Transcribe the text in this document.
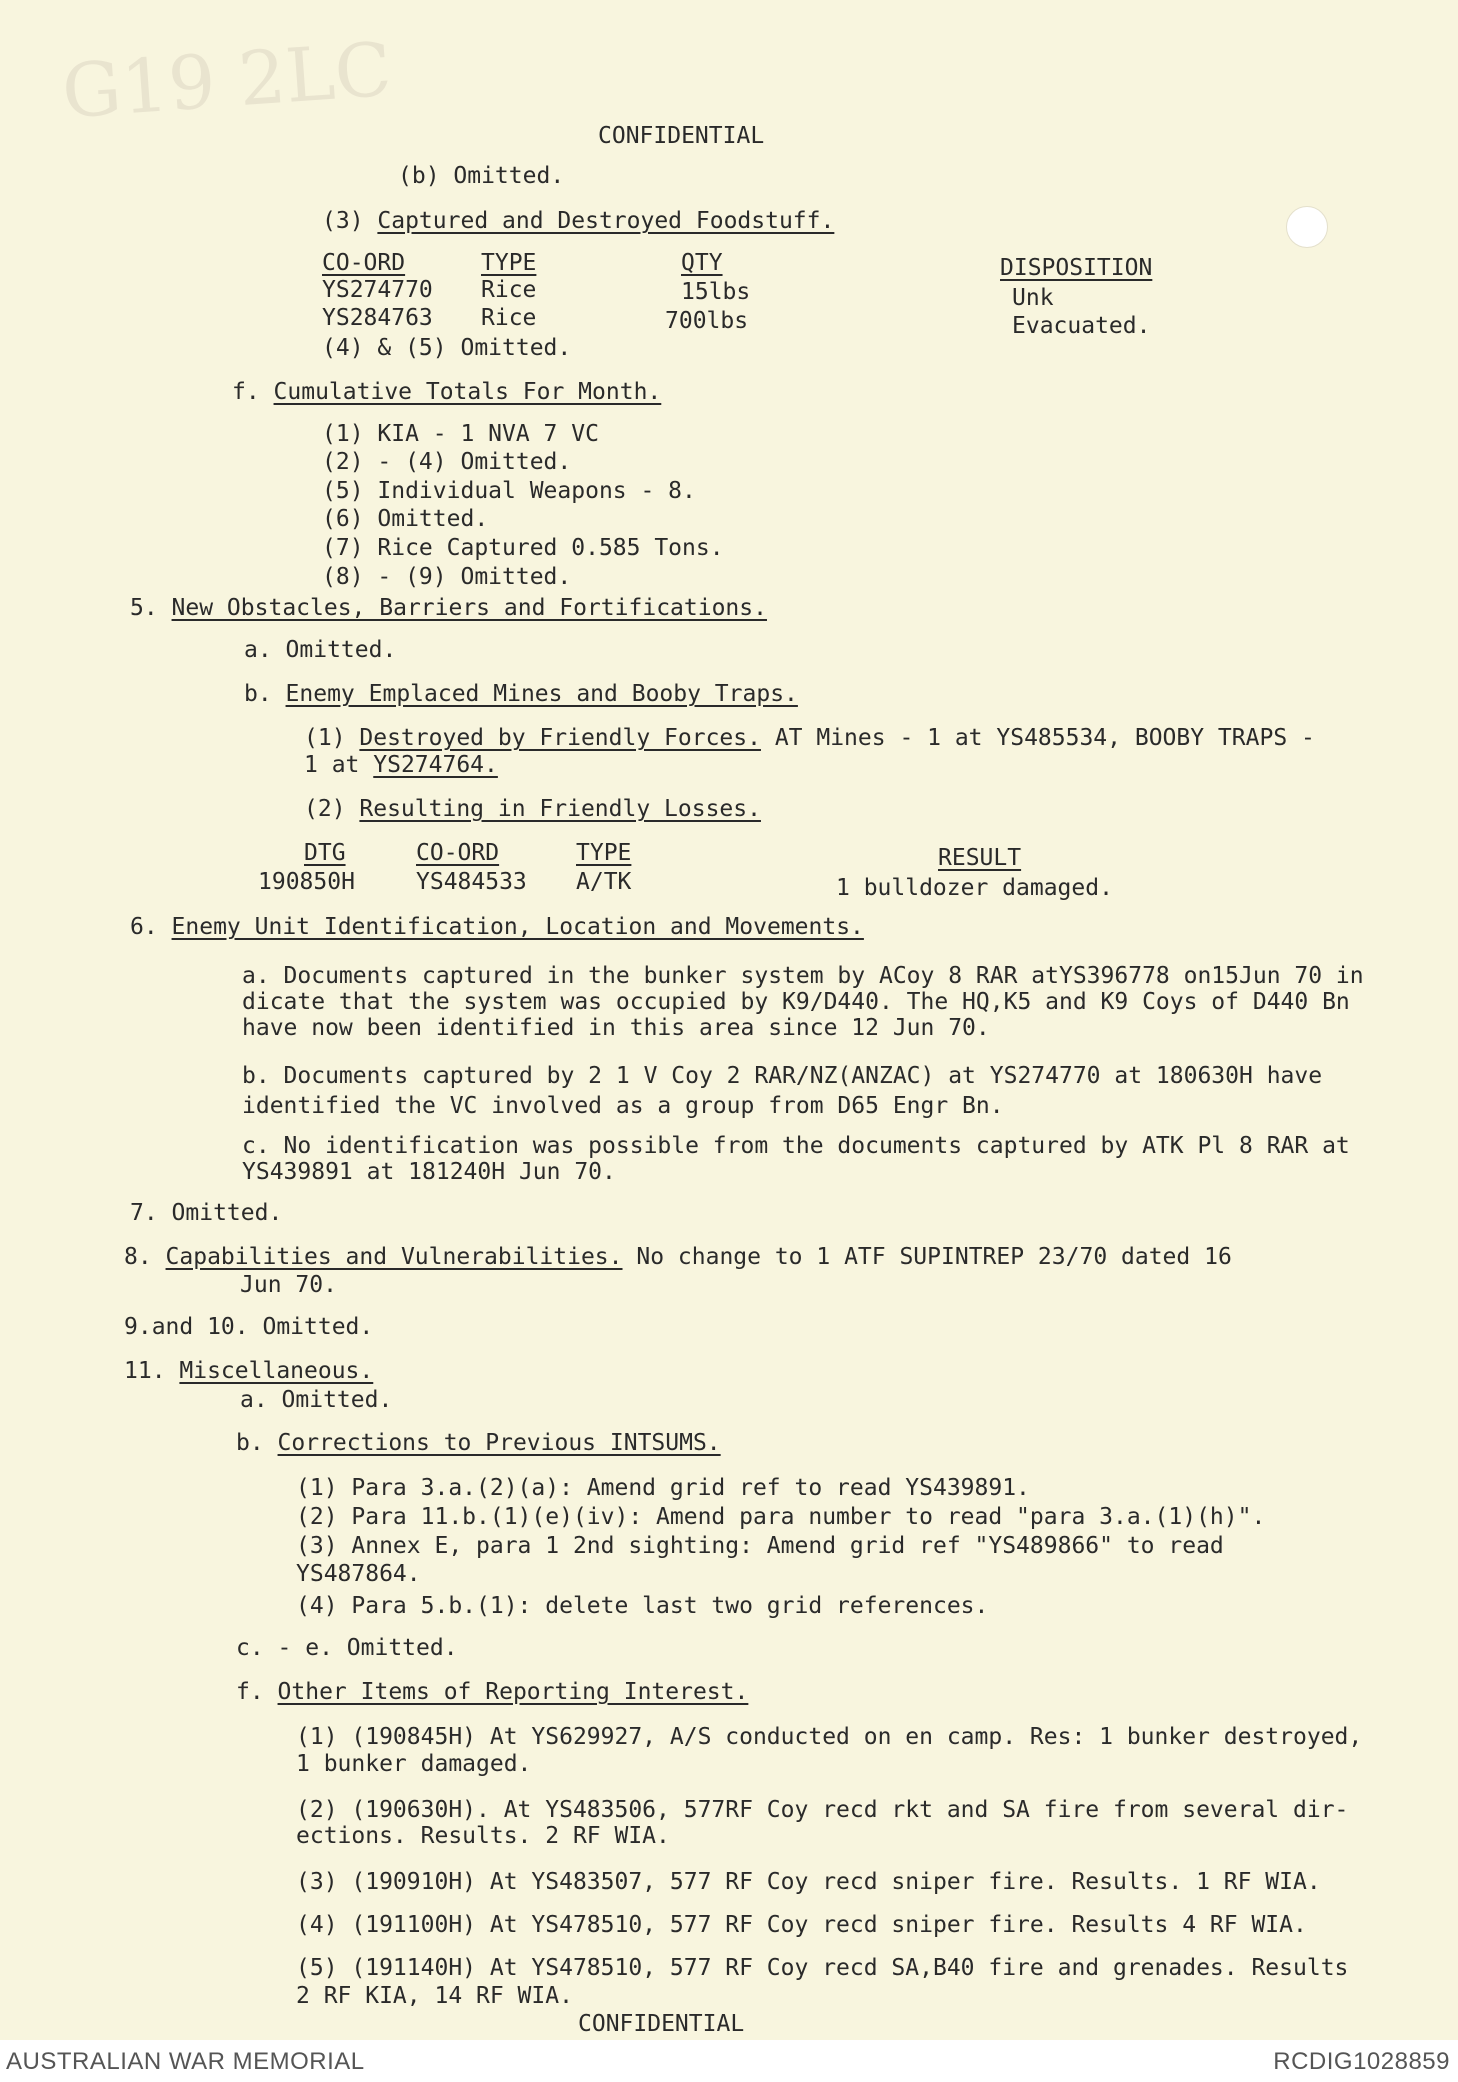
G19 2LC
CONFIDENTIAL
(b) Omitted.
(3) Captured and Destroyed Foodstuff.
CO-ORD	TYPE	QTY	DISPOSITION
YS274770 Rice	15lbs	Unk
YS284763 Rice	700lbs	Evacuated.
(4) & (5) Omitted.
f. Cumulative Totals For Month.
(1) KIA - 1 NVA 7 VC
(2) - (4) Omitted.
(5) Individual Weapons - 8.
(6) Omitted.
(7) Rice Captured 0.585 Tons.
(8) - (9) Omitted.
5. New Obstacles, Barriers and Fortifications.
a. Omitted.
b. Enemy Emplaced Mines and Booby Traps.
(1) Destroyed by Friendly Forces. AT Mines - 1 at YS485534, BOOBY TRAPS -
1 at YS274764.
(2) Resulting in Friendly Losses.
DTG	CO-ORD	TYPE	RESULT
190850H	YS484533 A/TK	1 bulldozer damaged.
6. Enemy Unit Identification, Location and Movements.
a. Documents captured in the bunker system by ACoy 8 RAR atYS396778 on15Jun 70 in
dicate that the system was occupied by K9/D440. The HQ,K5 and K9 Coys of D440 Bn
have now been identified in this area since 12 Jun 70.
b. Documents captured by 2 1 V Coy 2 RAR/NZ(ANZAC) at YS274770 at 180630H have
identified the VC involved as a group from D65 Engr Bn.
c. No identification was possible from the documents captured by ATK Pl 8 RAR at
YS439891 at 181240H Jun 70.
7. Omitted.
8. Capabilities and Vulnerabilities. No change to 1 ATF SUPINTREP 23/70 dated 16
Jun 70.
9.and 10. Omitted.
11. Miscellaneous.
a. Omitted.
b. Corrections to Previous INTSUMS.
(1) Para 3.a.(2)(a): Amend grid ref to read YS439891.
(2) Para 11.b.(1)(e)(iv): Amend para number to read "para 3.a.(1)(h)".
(3) Annex E, para 1 2nd sighting: Amend grid ref "YS489866" to read
YS487864.
(4) Para 5.b.(1): delete last two grid references.
c. - e. Omitted.
f. Other Items of Reporting Interest.
(1) (190845H) At YS629927, A/S conducted on en camp. Res: 1 bunker destroyed,
1 bunker damaged.
(2) (190630H). At YS483506, 577RF Coy recd rkt and SA fire from several dir-
ections. Results. 2 RF WIA.
(3) (190910H) At YS483507, 577 RF Coy recd sniper fire. Results. 1 RF WIA.
(4) (191100H) At YS478510, 577 RF Coy recd sniper fire. Results 4 RF WIA.
(5) (191140H) At YS478510, 577 RF Coy recd SA,B40 fire and grenades. Results
2 RF KIA, 14 RF WIA.
CONFIDENTIAL
AUSTRALIAN WAR MEMORIAL	RCDIG1028859
